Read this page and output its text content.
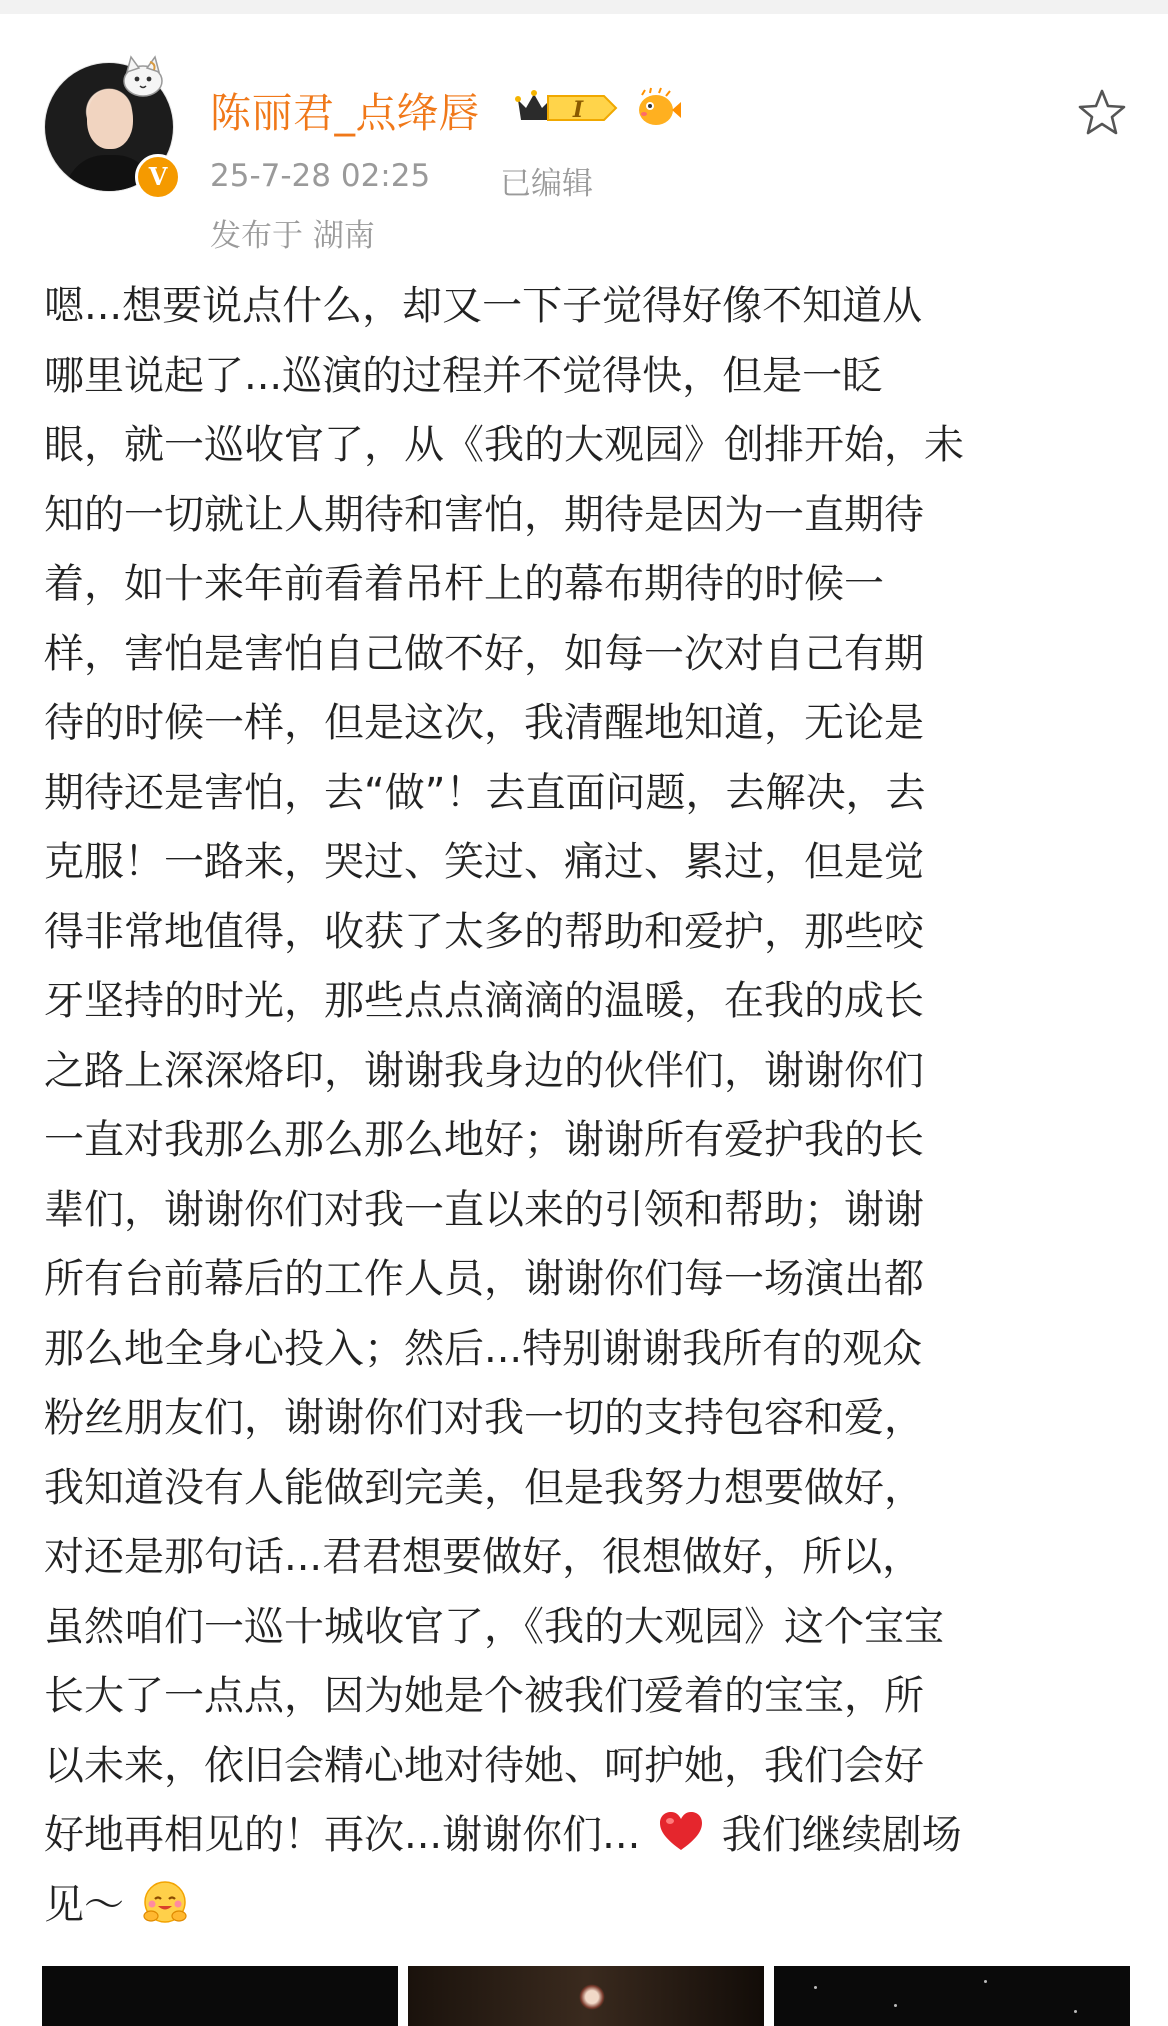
V
陈丽君_点绛唇	I
25-7-28 02:25 已编辑
发布于 湖南
嗯...想要说点什么，却又一下子觉得好像不知道从
哪里说起了...巡演的过程并不觉得快，但是一眨
眼，就一巡收官了，从《我的大观园》创排开始，未
知的一切就让人期待和害怕，期待是因为一直期待
着，如十来年前看着吊杆上的幕布期待的时候一
样，害怕是害怕自己做不好，如每一次对自己有期
待的时候一样，但是这次，我清醒地知道，无论是
期待还是害怕，去“做”！去直面问题，去解决，去
克服！一路来，哭过、笑过、痛过、累过，但是觉
得非常地值得，收获了太多的帮助和爱护，那些咬
牙坚持的时光，那些点点滴滴的温暖，在我的成长
之路上深深烙印，谢谢我身边的伙伴们，谢谢你们
一直对我那么那么那么地好；谢谢所有爱护我的长
辈们，谢谢你们对我一直以来的引领和帮助；谢谢
所有台前幕后的工作人员，谢谢你们每一场演出都
那么地全身心投入；然后...特别谢谢我所有的观众
粉丝朋友们，谢谢你们对我一切的支持包容和爱，
我知道没有人能做到完美，但是我努力想要做好，
对还是那句话...君君想要做好，很想做好，所以，
虽然咱们一巡十城收官了，《我的大观园》这个宝宝
长大了一点点，因为她是个被我们爱着的宝宝，所
以未来，依旧会精心地对待她、呵护她，我们会好
好地再相见的！再次...谢谢你们... 我们继续剧场
见～
